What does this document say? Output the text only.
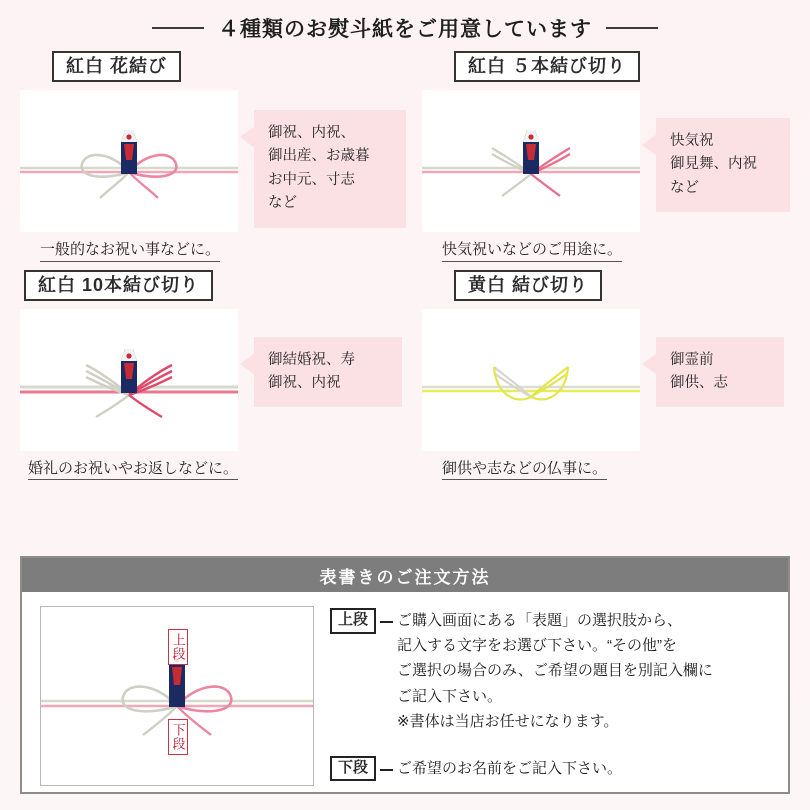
４種類のお熨斗紙をご用意しています
紅白 花結び
御祝、内祝、
御出産、お歳暮
お中元、寸志
など
一般的なお祝い事などに。
紅白 ５本結び切り
快気祝
御見舞、内祝
など
快気祝いなどのご用途に。
紅白 10本結び切り
御結婚祝、寿
御祝、内祝
婚礼のお祝いやお返しなどに。
黄白 結び切り
御霊前
御供、志
御供や志などの仏事に。
表書きのご注文方法
上段
下段
上段	ご購入画面にある「表題」の選択肢から、
記入する文字をお選び下さい。“その他”を
ご選択の場合のみ、ご希望の題目を別記入欄に
ご記入下さい。
※書体は当店お任せになります。
下段	ご希望のお名前をご記入下さい。
